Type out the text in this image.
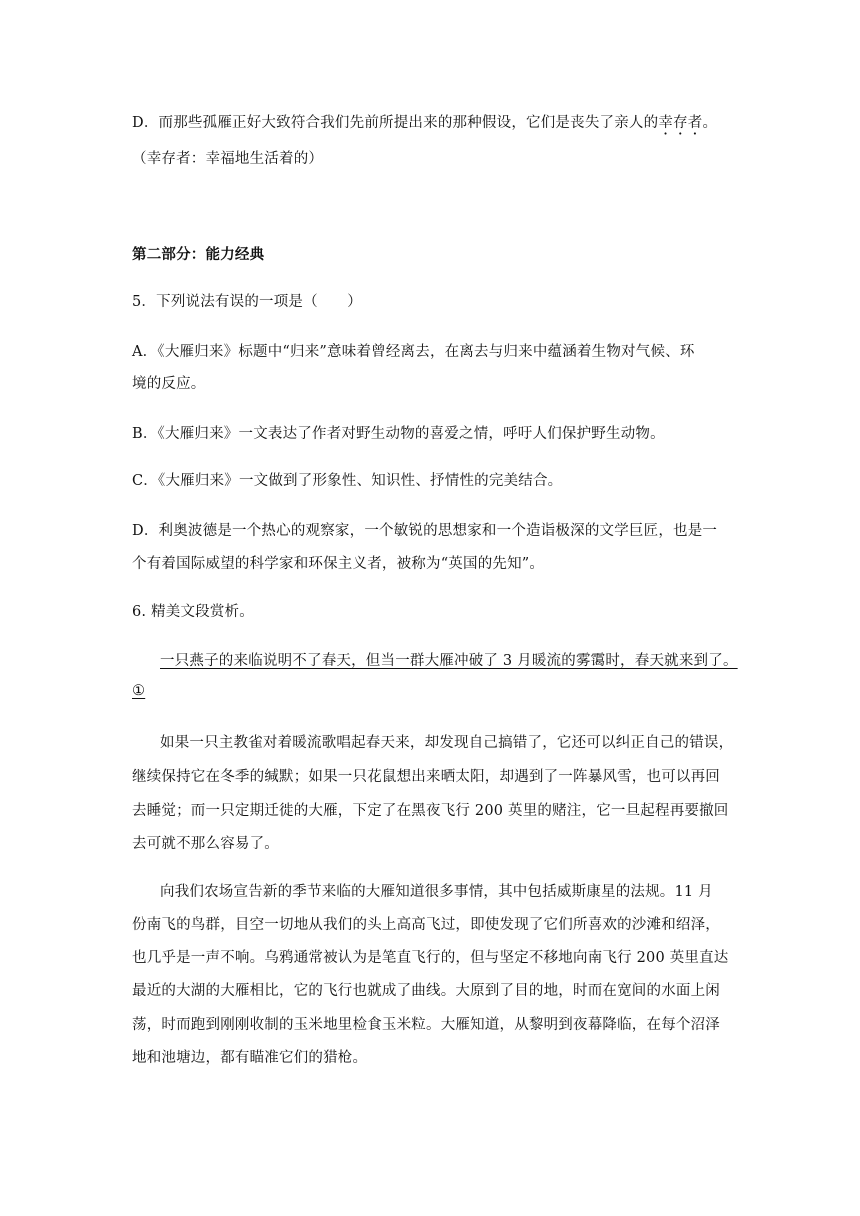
D．而那些孤雁正好大致符合我们先前所提出来的那种假设，它们是丧失了亲人的幸存者。
（幸存者：幸福地生活着的）
第二部分：能力经典
5．下列说法有误的一项是（　　）
A．《大雁归来》标题中“归来”意味着曾经离去，在离去与归来中蕴涵着生物对气候、环
境的反应。
B．《大雁归来》一文表达了作者对野生动物的喜爱之情，呼吁人们保护野生动物。
C．《大雁归来》一文做到了形象性、知识性、抒情性的完美结合。
D．利奥波德是一个热心的观察家，一个敏锐的思想家和一个造诣极深的文学巨匠，也是一
个有着国际威望的科学家和环保主义者，被称为“英国的先知”。
6. 精美文段赏析。
一只燕子的来临说明不了春天，但当一群大雁冲破了 3 月暖流的雾霭时，春天就来到了。
①
如果一只主教雀对着暖流歌唱起春天来，却发现自己搞错了，它还可以纠正自己的错误，
继续保持它在冬季的缄默；如果一只花鼠想出来晒太阳，却遇到了一阵暴风雪，也可以再回
去睡觉；而一只定期迁徙的大雁，下定了在黑夜飞行 200 英里的赌注，它一旦起程再要撤回
去可就不那么容易了。
向我们农场宣告新的季节来临的大雁知道很多事情，其中包括威斯康星的法规。11 月
份南飞的鸟群，目空一切地从我们的头上高高飞过，即使发现了它们所喜欢的沙滩和绍泽，
也几乎是一声不响。乌鸦通常被认为是笔直飞行的，但与坚定不移地向南飞行 200 英里直达
最近的大湖的大雁相比，它的飞行也就成了曲线。大原到了目的地，时而在宽间的水面上闲
荡，时而跑到刚刚收制的玉米地里检食玉米粒。大雁知道，从黎明到夜幕降临，在每个沼泽
地和池塘边，都有瞄准它们的猎枪。
